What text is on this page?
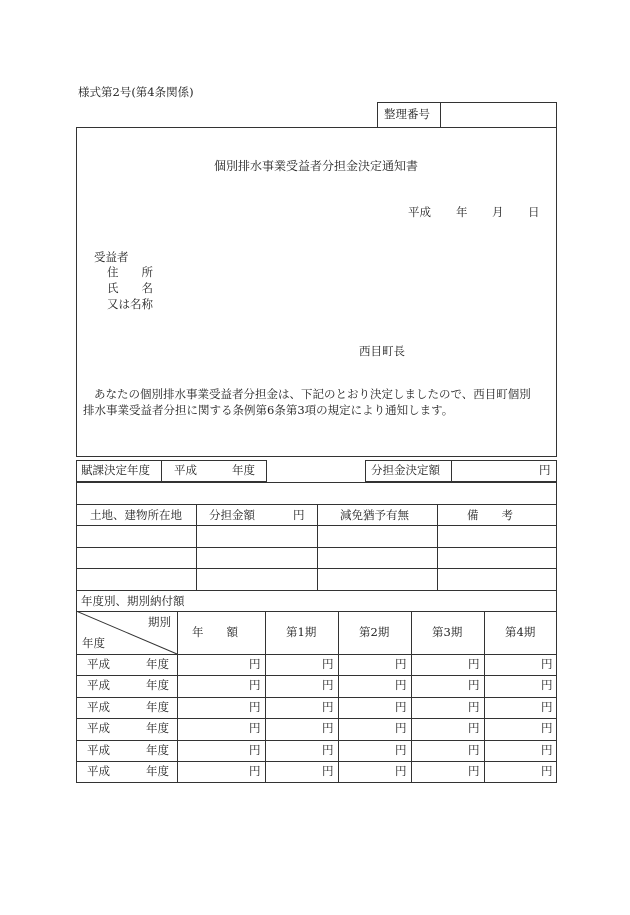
様式第2号(第4条関係)
整理番号
個別排水事業受益者分担金決定通知書
平成 年 月 日
受益者
住　　所
氏　　名
又は名称
西目町長
あなたの個別排水事業受益者分担金は、下記のとおり決定しましたので、西目町個別
排水事業受益者分担に関する条例第6条第3項の規定により通知します。
賦課決定年度 平成	年度	分担金決定額	円
土地、建物所在地 分担金額	円	減免猶予有無	備　　考
年度別、期別納付額
期別
年度
年　　額	第1期	第2期	第3期	第4期
平成	年度	円	円	円	円	円
平成	年度	円	円	円	円	円
平成	年度	円	円	円	円	円
平成	年度	円	円	円	円	円
平成	年度	円	円	円	円	円
平成	年度	円	円	円	円	円
